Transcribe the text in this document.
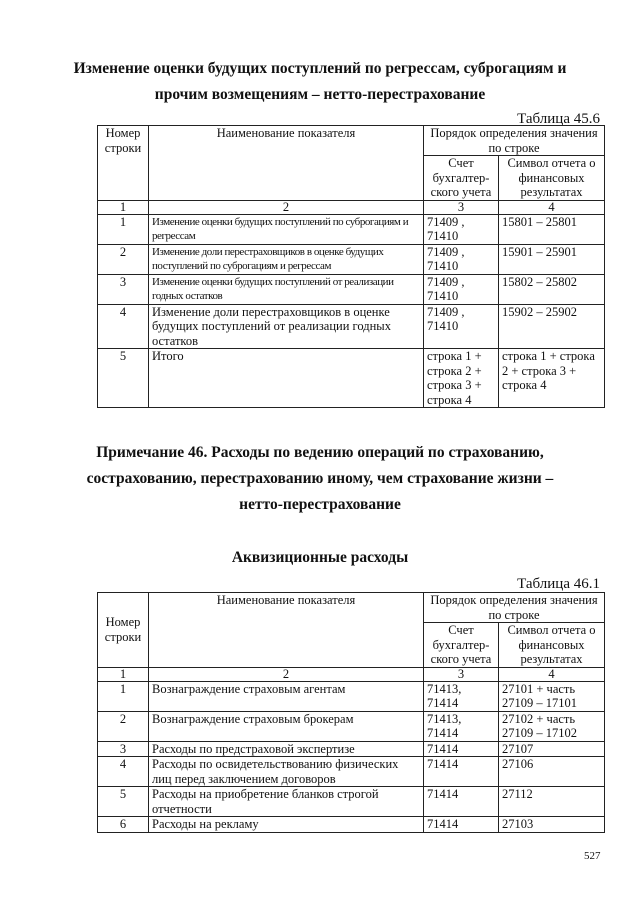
Изменение оценки будущих поступлений по регрессам, суброгациям и
прочим возмещениям – нетто-перестрахование
Таблица 45.6
Номер строки	Наименование показателя	Порядок определения значения по строке	
		Счет бухгалтер-ского учета	Символ отчета о финансовых результатах
1	2	3	4
1	Изменение оценки будущих поступлений по суброгациям и регрессам	71409 , 71410	15801 – 25801
2	Изменение доли перестраховщиков в оценке будущих поступлений по суброгациям и регрессам	71409 , 71410	15901 – 25901
3	Изменение оценки будущих поступлений от реализации годных остатков	71409 , 71410	15802 – 25802
4	Изменение доли перестраховщиков в оценке будущих поступлений от реализации годных остатков	71409 , 71410	15902 – 25902
5	Итого	строка 1 + строка 2 + строка 3 + строка 4	строка 1 + строка 2 + строка 3 + строка 4
Примечание 46. Расходы по ведению операций по страхованию,
сострахованию, перестрахованию иному, чем страхование жизни –
нетто-перестрахование
Аквизиционные расходы
Таблица 46.1
Номер строки	Наименование показателя	Порядок определения значения по строке	
		Счет бухгалтер-ского учета	Символ отчета о финансовых результатах
1	2	3	4
1	Вознаграждение страховым агентам	71413, 71414	27101 + часть 27109 – 17101
2	Вознаграждение страховым брокерам	71413, 71414	27102 + часть 27109 – 17102
3	Расходы по предстраховой экспертизе	71414	27107
4	Расходы по освидетельствованию физических лиц перед заключением договоров	71414	27106
5	Расходы на приобретение бланков строгой отчетности	71414	27112
6	Расходы на рекламу	71414	27103
527
